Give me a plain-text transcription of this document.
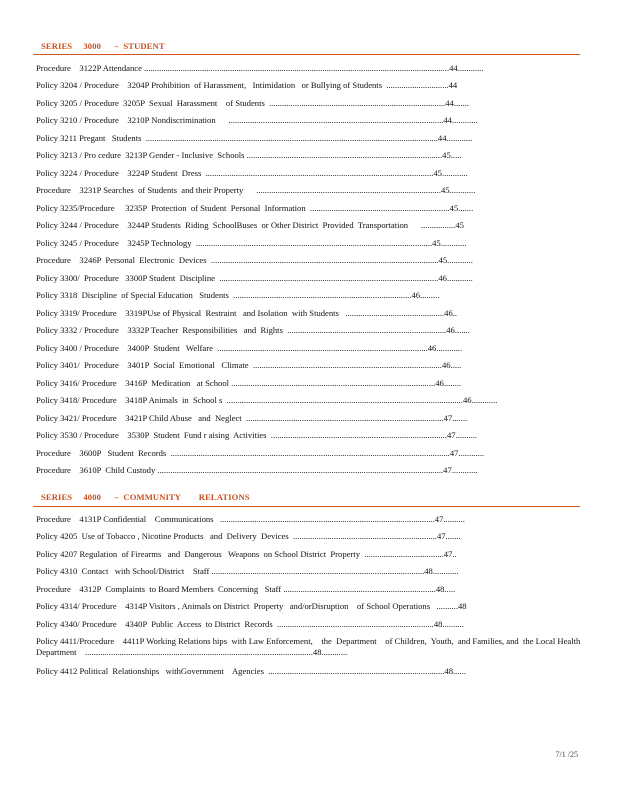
SERIES     3000      –  STUDENT
Procedure    3122P Attendance ..............................................................................................................................................44............
Policy 3204 / Procedure    3204P Prohibition  of Harassment,   Intimidation   or Bullying of Students  .............................44
Policy 3205 / Procedure  3205P  Sexual  Harassment    of Students  ..................................................................................44.......
Policy 3210 / Procedure    3210P Nondiscrimination      ....................................................................................................44............
Policy 3211 Pregant   Students  ........................................................................................................................................44............
Policy 3213 / Pro cedure  3213P Gender - Inclusive  Schools ...........................................................................................45.....
Policy 3224 / Procedure    3224P Student  Dress  ..........................................................................................................45............
Procedure    3231P Searches  of Students  and their Property      ......................................................................................45............
Policy 3235/Procedure     3235P  Protection  of Student  Personal  Information  .................................................................45.......
Policy 3244 / Procedure    3244P Students  Riding  SchoolBuses  or Other District  Provided  Transportation      ................45
Policy 3245 / Procedure    3245P Technology  ..............................................................................................................45............
Procedure    3246P  Personal  Electronic  Devices  ..........................................................................................................45............
Policy 3300/  Procedure   3300P Student  Discipline  ......................................................................................................46............
Policy 3318  Discipline  of Special Education   Students  ...................................................................................46.........
Policy 3319/ Procedure    3319PUse of Physical  Restraint   and Isolation  with Students   ..............................................46..
Policy 3332 / Procedure    3332P Teacher  Responsibilities   and  Rights  ..........................................................................46.......
Policy 3400 / Procedure    3400P  Student   Welfare  ..................................................................................................46............
Policy 3401/  Procedure    3401P  Social  Emotional   Climate  ........................................................................................46.....
Policy 3416/ Procedure    3416P  Medication   at School ...............................................................................................46........
Policy 3418/ Procedure    3418P Animals  in  School s  ..............................................................................................................46............
Policy 3421/ Procedure    3421P Child Abuse   and  Neglect  ............................................................................................47.......
Policy 3530 / Procedure    3530P  Student  Fund r aising  Activities  ..................................................................................47..........
Procedure    3600P   Student  Records  ..................................................................................................................................47............
Procedure    3610P  Child Custody .....................................................................................................................................47............
SERIES     4000      –  COMMUNITY        RELATIONS
Procedure    4131P Confidential    Communications   ....................................................................................................47..........
Policy 4205  Use of Tobacco , Nicotine Products   and  Delivery  Devices  ...................................................................47.......
Policy 4207 Regulation  of Firearms   and  Dangerous   Weapons  on School District  Property  .....................................47..
Policy 4310  Contact   with School/District    Staff ...................................................................................................48............
Procedure    4312P  Complaints  to Board Members  Concerning   Staff .......................................................................48.....
Policy 4314/ Procedure    4314P Visitors , Animals on District  Property   and/orDisruption    of School Operations   ..........48
Policy 4340/ Procedure    4340P  Public  Access  to District  Records  .........................................................................48..........
Policy 4411/Procedure    4411P Working Relations hips  with Law Enforcement,    the  Department    of Children,  Youth,  and Families, and  the Local Health  Department    ..........................................................................................................48............
Policy 4412 Political  Relationships   withGovernment    Agencies  ..................................................................................48......
7/1 /25
